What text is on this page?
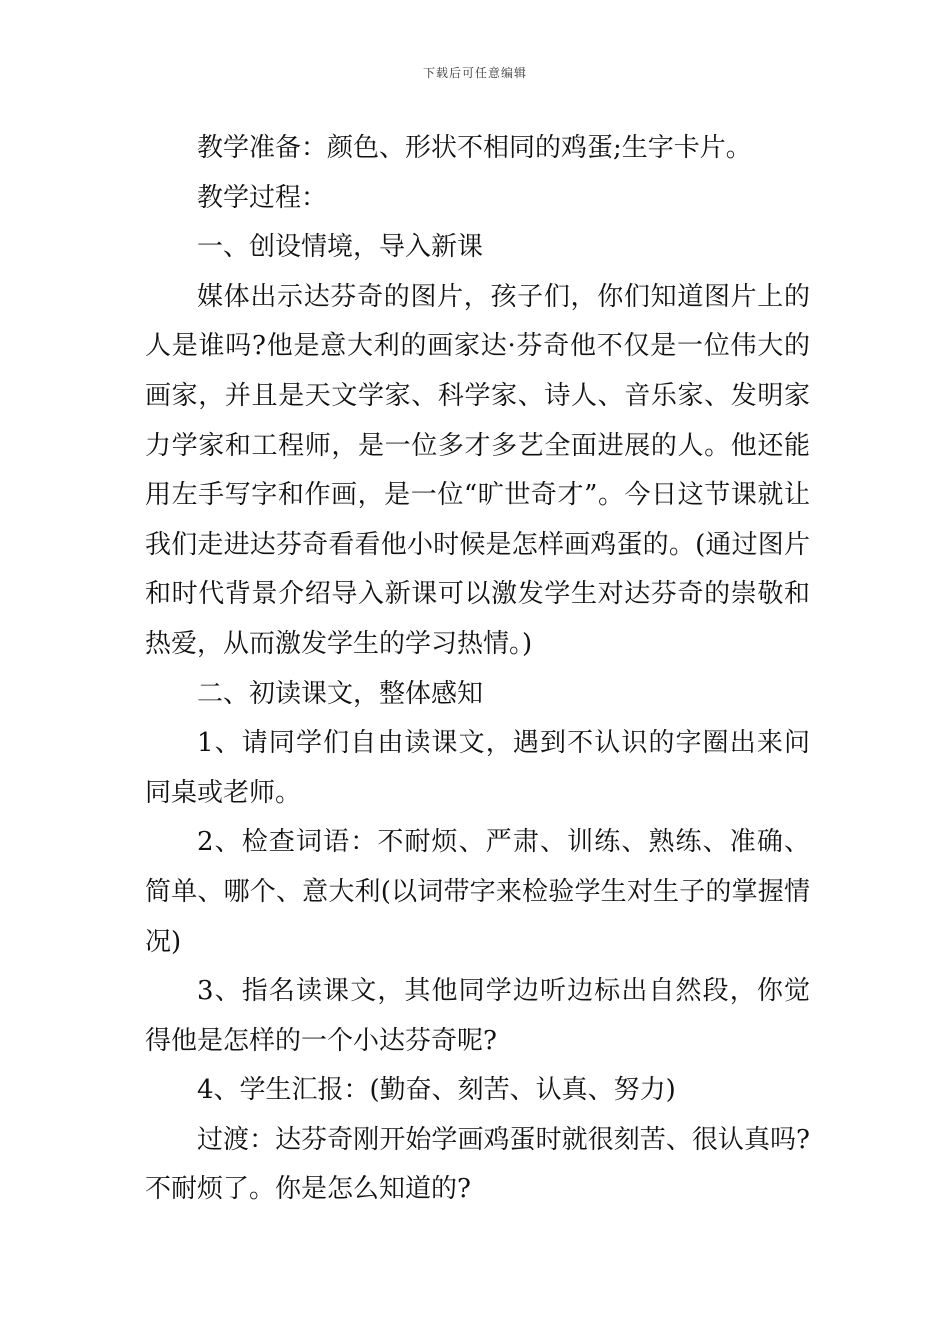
下载后可任意编辑

教学准备：颜色、形状不相同的鸡蛋;生字卡片。

教学过程：

一、创设情境，导入新课

媒体出示达芬奇的图片，孩子们，你们知道图片上的人是谁吗?他是意大利的画家达·芬奇他不仅是一位伟大的画家，并且是天文学家、科学家、诗人、音乐家、发明家力学家和工程师，是一位多才多艺全面进展的人。他还能用左手写字和作画，是一位“旷世奇才”。今日这节课就让我们走进达芬奇看看他小时候是怎样画鸡蛋的。(通过图片和时代背景介绍导入新课可以激发学生对达芬奇的崇敬和热爱，从而激发学生的学习热情。)

二、初读课文，整体感知

1、请同学们自由读课文，遇到不认识的字圈出来问同桌或老师。

2、检查词语：不耐烦、严肃、训练、熟练、准确、简单、哪个、意大利(以词带字来检验学生对生子的掌握情况)

3、指名读课文，其他同学边听边标出自然段，你觉得他是怎样的一个小达芬奇呢?

4、学生汇报：(勤奋、刻苦、认真、努力)

过渡：达芬奇刚开始学画鸡蛋时就很刻苦、很认真吗?不耐烦了。你是怎么知道的?
